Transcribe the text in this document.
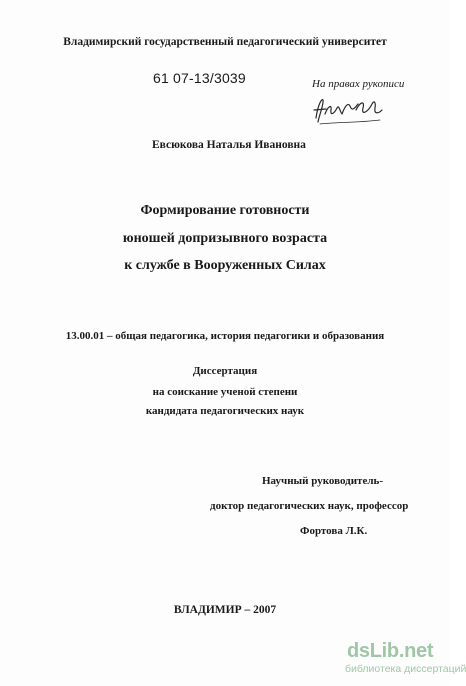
Владимирский государственный педагогический университет
61 07-13/3039	На правах рукописи
Евсюкова Наталья Ивановна
Формирование готовности
юношей допризывного возраста
к службе в Вооруженных Силах
13.00.01 – общая педагогика, история педагогики и образования
Диссертация
на соискание ученой степени
кандидата педагогических наук
Научный руководитель-
доктор педагогических наук, профессор
Фортова Л.К.
ВЛАДИМИР – 2007
dsLib.net
библиотека диссертаций
